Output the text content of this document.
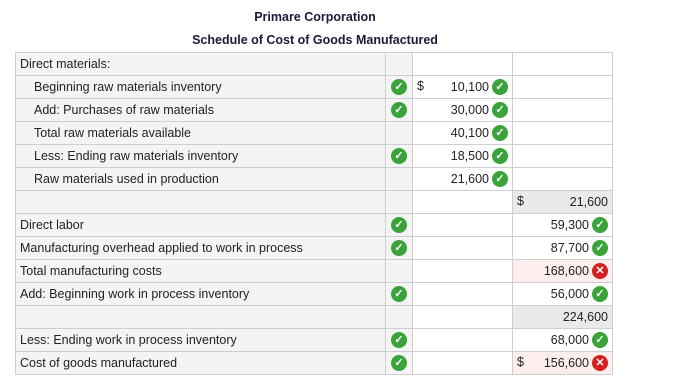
Primare Corporation
Schedule of Cost of Goods Manufactured
Direct materials:			
Beginning raw materials inventory	✓	$ 10,100 ✓	
Add: Purchases of raw materials	✓	30,000 ✓	
Total raw materials available		40,100 ✓	
Less: Ending raw materials inventory	✓	18,500 ✓	
Raw materials used in production		21,600 ✓	

			$ 21,600
Direct labor	✓		59,300 ✓
Manufacturing overhead applied to work in process	✓		87,700 ✓
Total manufacturing costs			168,600 ✕
Add: Beginning work in process inventory	✓		56,000 ✓
			224,600
Less: Ending work in process inventory	✓		68,000 ✓
Cost of goods manufactured	✓		$ 156,600 ✕
